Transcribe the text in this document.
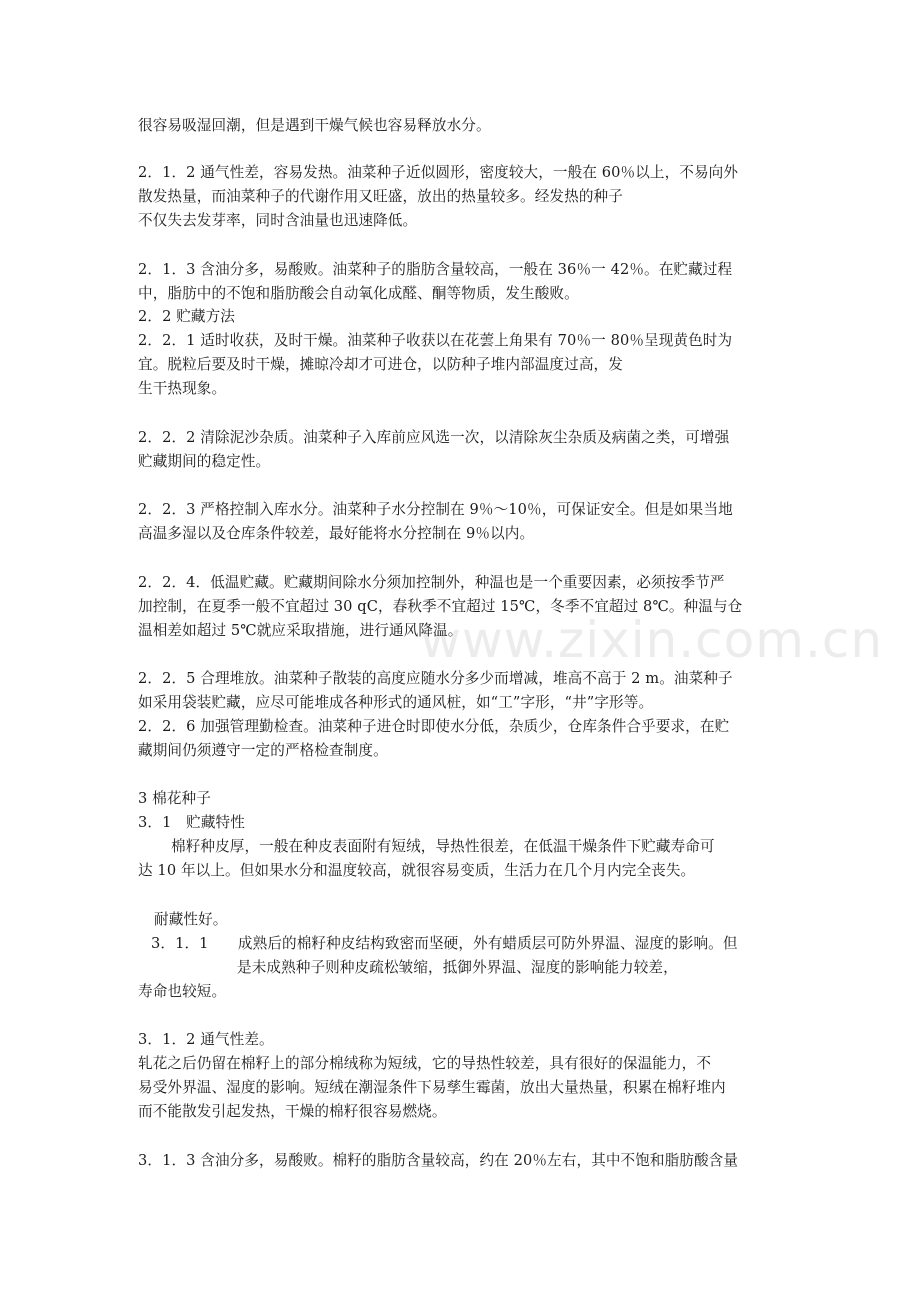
www.zixin.com.cn
很容易吸湿回潮，但是遇到干燥气候也容易释放水分。
2．1．2 通气性差，容易发热。油菜种子近似圆形，密度较大，一般在 60％以上，不易向外
散发热量，而油菜种子的代谢作用又旺盛，放出的热量较多。经发热的种子
不仅失去发芽率，同时含油量也迅速降低。
2．1．3 含油分多，易酸败。油菜种子的脂肪含量较高，一般在 36％一 42％。在贮藏过程
中，脂肪中的不饱和脂肪酸会自动氧化成醛、酮等物质，发生酸败。
2．2 贮藏方法
2．2．1 适时收获，及时干燥。油菜种子收获以在花蕓上角果有 70％一 80％呈现黄色时为
宜。脱粒后要及时干燥，摊晾冷却才可进仓，以防种子堆内部温度过高，发
生干热现象。
2．2．2 清除泥沙杂质。油菜种子入库前应风选一次，以清除灰尘杂质及病菌之类，可增强
贮藏期间的稳定性。
2．2．3 严格控制入库水分。油菜种子水分控制在 9％～10％，可保证安全。但是如果当地
高温多湿以及仓库条件较差，最好能将水分控制在 9％以内。
2．2．4．低温贮藏。贮藏期间除水分须加控制外，种温也是一个重要因素，必须按季节严
加控制，在夏季一般不宜超过 30 qC，春秋季不宜超过 15℃，冬季不宜超过 8℃。种温与仓
温相差如超过 5℃就应采取措施，进行通风降温。
2．2．5 合理堆放。油菜种子散装的高度应随水分多少而增减，堆高不高于 2 m。油菜种子
如采用袋装贮藏，应尽可能堆成各种形式的通风桩，如“工”字形，“井”字形等。
2．2．6 加强管理勤检查。油菜种子进仓时即使水分低，杂质少，仓库条件合乎要求，在贮
藏期间仍须遵守一定的严格检查制度。
3 棉花种子
3．1　贮藏特性
棉籽种皮厚，一般在种皮表面附有短绒，导热性很差，在低温干燥条件下贮藏寿命可
达 10 年以上。但如果水分和温度较高，就很容易变质，生活力在几个月内完全丧失。
耐藏性好。
3．1．1　　成熟后的棉籽种皮结构致密而坚硬，外有蜡质层可防外界温、湿度的影响。但
是未成熟种子则种皮疏松皱缩，抵御外界温、湿度的影响能力较差，
寿命也较短。
3．1．2 通气性差。
轧花之后仍留在棉籽上的部分棉绒称为短绒，它的导热性较差，具有很好的保温能力，不
易受外界温、湿度的影响。短绒在潮湿条件下易孳生霉菌，放出大量热量，积累在棉籽堆内
而不能散发引起发热，干燥的棉籽很容易燃烧。
3．1．3 含油分多，易酸败。棉籽的脂肪含量较高，约在 20％左右，其中不饱和脂肪酸含量
